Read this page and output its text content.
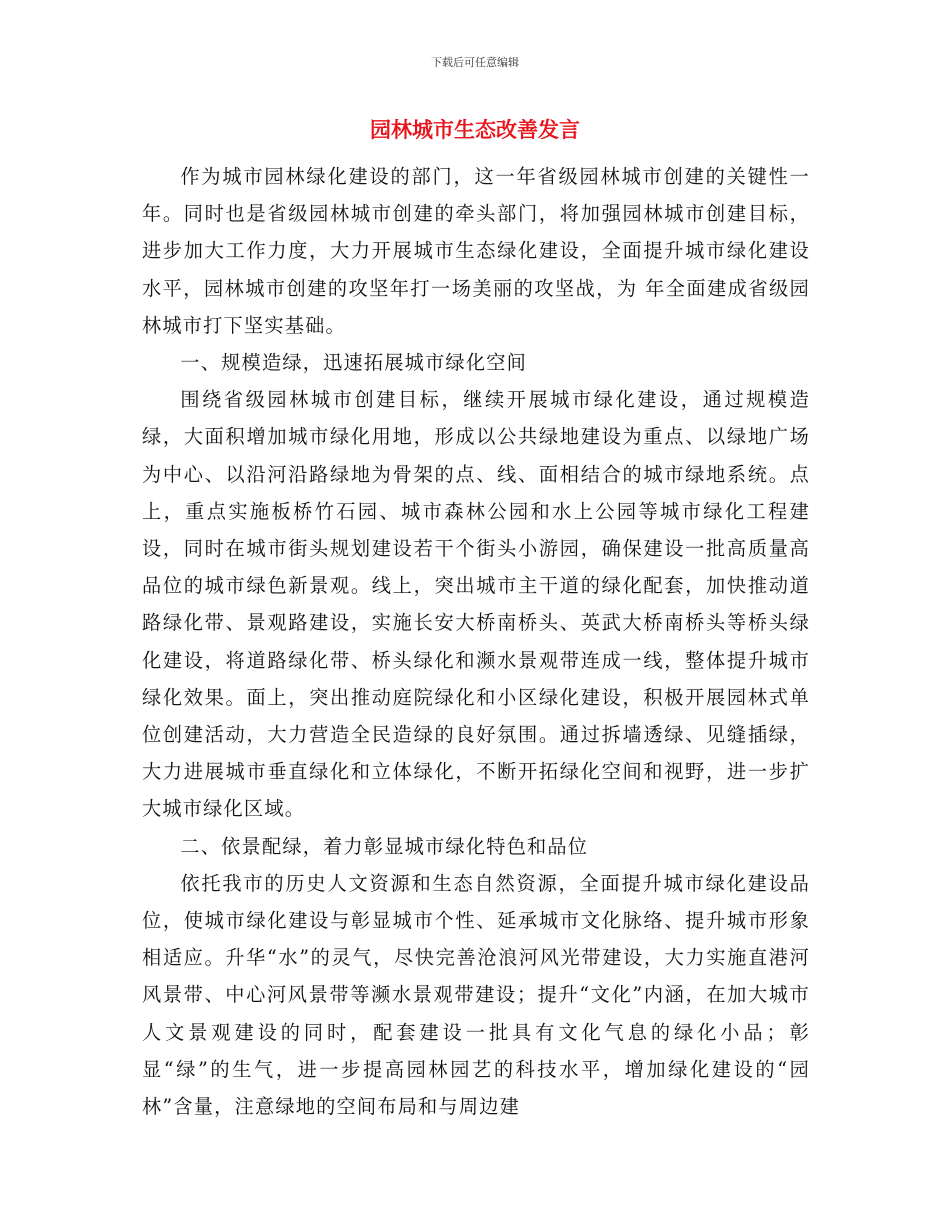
下载后可任意编辑
园林城市生态改善发言

作为城市园林绿化建设的部门，这一年省级园林城市创建的关键性一年。同时也是省级园林城市创建的牵头部门，将加强园林城市创建目标，进步加大工作力度，大力开展城市生态绿化建设，全面提升城市绿化建设水平，园林城市创建的攻坚年打一场美丽的攻坚战，为 年全面建成省级园林城市打下坚实基础。

一、规模造绿，迅速拓展城市绿化空间

围绕省级园林城市创建目标，继续开展城市绿化建设，通过规模造绿，大面积增加城市绿化用地，形成以公共绿地建设为重点、以绿地广场为中心、以沿河沿路绿地为骨架的点、线、面相结合的城市绿地系统。点上，重点实施板桥竹石园、城市森林公园和水上公园等城市绿化工程建设，同时在城市街头规划建设若干个街头小游园，确保建设一批高质量高品位的城市绿色新景观。线上，突出城市主干道的绿化配套，加快推动道路绿化带、景观路建设，实施长安大桥南桥头、英武大桥南桥头等桥头绿化建设，将道路绿化带、桥头绿化和濒水景观带连成一线，整体提升城市绿化效果。面上，突出推动庭院绿化和小区绿化建设，积极开展园林式单位创建活动，大力营造全民造绿的良好氛围。通过拆墙透绿、见缝插绿，大力进展城市垂直绿化和立体绿化，不断开拓绿化空间和视野，进一步扩大城市绿化区域。

二、依景配绿，着力彰显城市绿化特色和品位

依托我市的历史人文资源和生态自然资源，全面提升城市绿化建设品位，使城市绿化建设与彰显城市个性、延承城市文化脉络、提升城市形象相适应。升华“水”的灵气，尽快完善沧浪河风光带建设，大力实施直港河风景带、中心河风景带等濒水景观带建设；提升“文化”内涵，在加大城市人文景观建设的同时，配套建设一批具有文化气息的绿化小品；彰显“绿”的生气，进一步提高园林园艺的科技水平，增加绿化建设的“园林”含量，注意绿地的空间布局和与周边建
